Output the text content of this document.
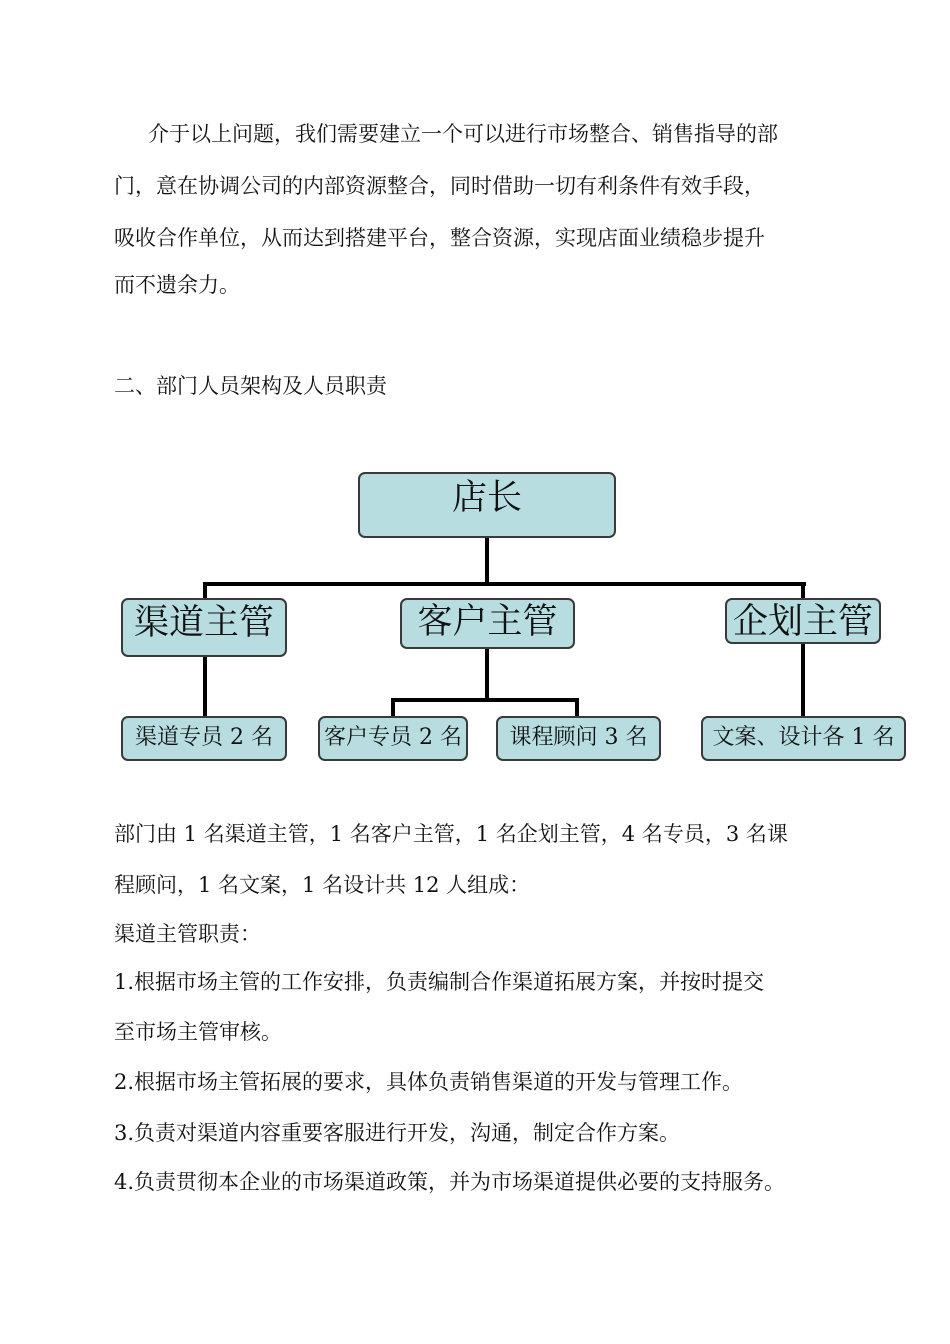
介于以上问题，我们需要建立一个可以进行市场整合、销售指导的部
门，意在协调公司的内部资源整合，同时借助一切有利条件有效手段，
吸收合作单位，从而达到搭建平台，整合资源，实现店面业绩稳步提升
而不遗余力。
二、部门人员架构及人员职责
店长
渠道主管	客户主管	企划主管
渠道专员 2 名	客户专员 2 名	课程顾问 3 名	文案、设计各 1 名
部门由 1 名渠道主管，1 名客户主管，1 名企划主管，4 名专员，3 名课
程顾问，1 名文案，1 名设计共 12 人组成：
渠道主管职责：
1.根据市场主管的工作安排，负责编制合作渠道拓展方案，并按时提交
至市场主管审核。
2.根据市场主管拓展的要求，具体负责销售渠道的开发与管理工作。
3.负责对渠道内容重要客服进行开发，沟通，制定合作方案。
4.负责贯彻本企业的市场渠道政策，并为市场渠道提供必要的支持服务。
